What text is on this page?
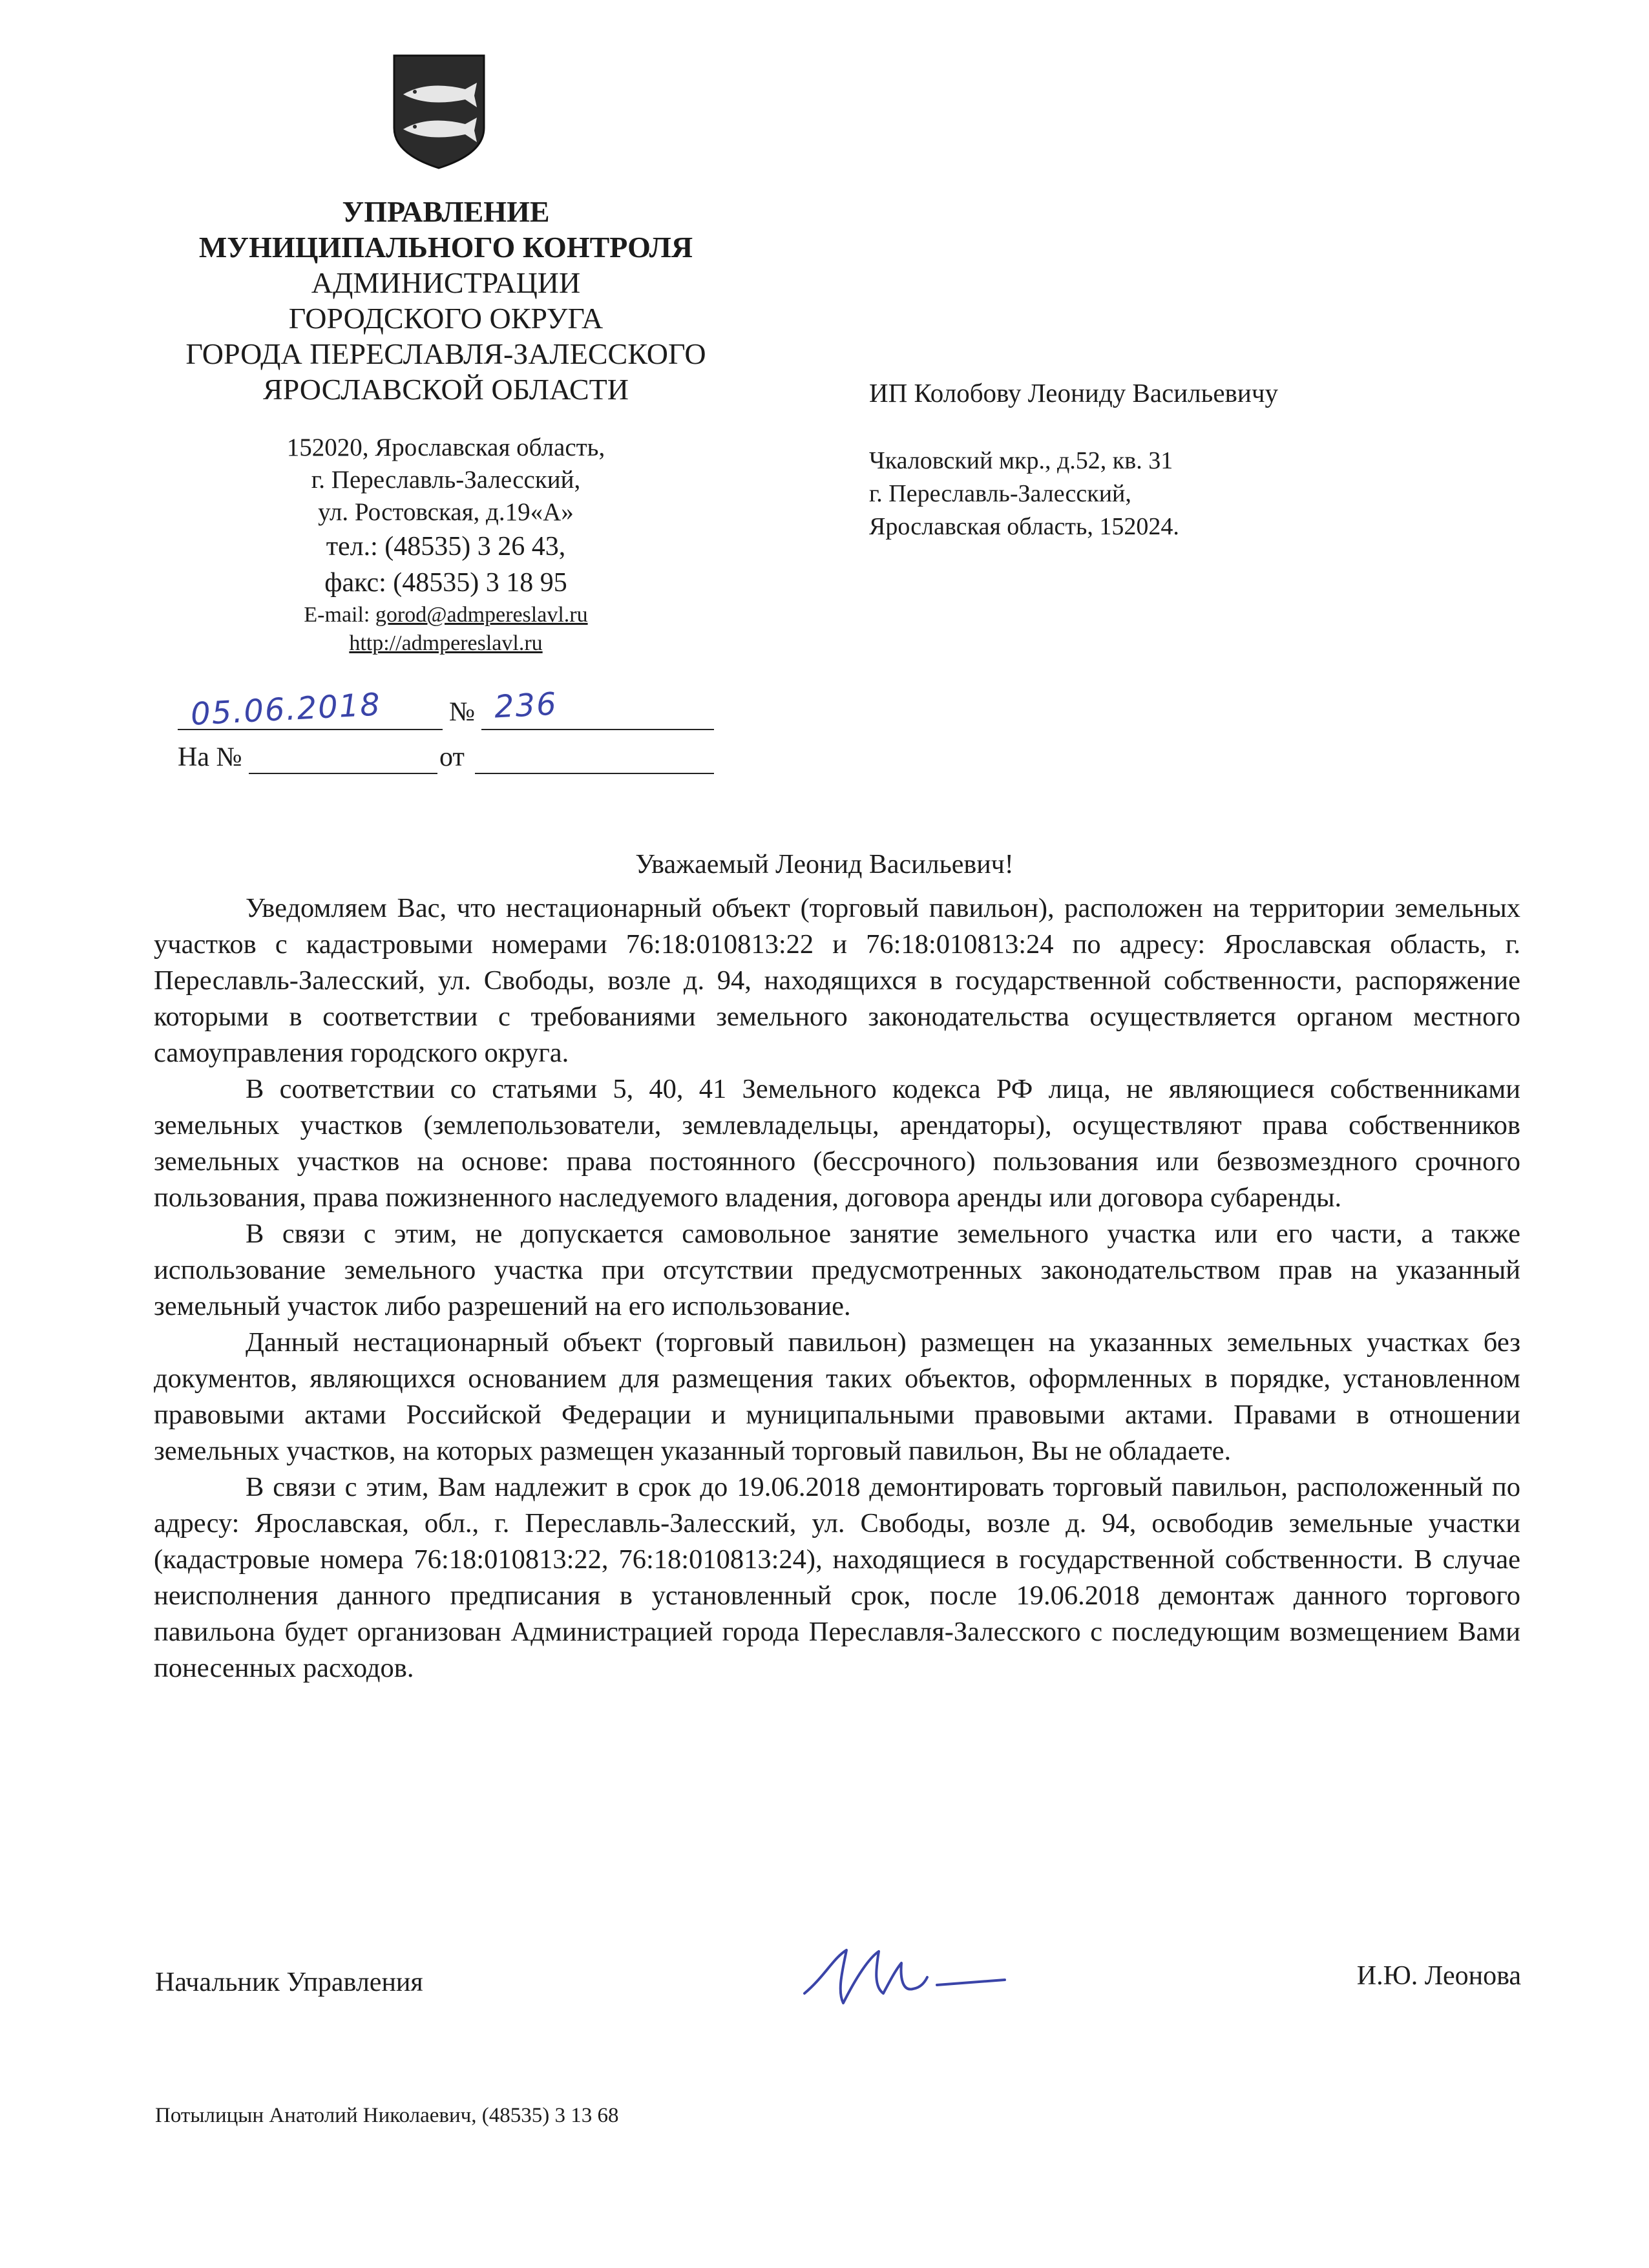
УПРАВЛЕНИЕ
МУНИЦИПАЛЬНОГО КОНТРОЛЯ
АДМИНИСТРАЦИИ
ГОРОДСКОГО ОКРУГА
ГОРОДА ПЕРЕСЛАВЛЯ-ЗАЛЕССКОГО
ЯРОСЛАВСКОЙ ОБЛАСТИ
152020, Ярославская область,
г. Переславль-Залесский,
ул. Ростовская, д.19«А»
тел.: (48535) 3 26 43,
факс: (48535) 3 18 95
E-mail: gorod@admpereslavl.ru
http://admpereslavl.ru
05.06.2018 № 236
На №	от
ИП Колобову Леониду Васильевичу
Чкаловский мкр., д.52, кв. 31
г. Переславль-Залесский,
Ярославская область, 152024.
Уважаемый Леонид Васильевич!

Уведомляем Вас, что нестационарный объект (торговый павильон), расположен на территории земельных участков с кадастровыми номерами 76:18:010813:22 и 76:18:010813:24 по адресу: Ярославская область, г. Переславль-Залесский, ул. Свободы, возле д. 94, находящихся в государственной собственности, распоряжение которыми в соответствии с требованиями земельного законодательства осуществляется органом местного самоуправления городского округа.

В соответствии со статьями 5, 40, 41 Земельного кодекса РФ лица, не являющиеся собственниками земельных участков (землепользователи, землевладельцы, арендаторы), осуществляют права собственников земельных участков на основе: права постоянного (бессрочного) пользования или безвозмездного срочного пользования, права пожизненного наследуемого владения, договора аренды или договора субаренды.

В связи с этим, не допускается самовольное занятие земельного участка или его части, а также использование земельного участка при отсутствии предусмотренных законодательством прав на указанный земельный участок либо разрешений на его использование.

Данный нестационарный объект (торговый павильон) размещен на указанных земельных участках без документов, являющихся основанием для размещения таких объектов, оформленных в порядке, установленном правовыми актами Российской Федерации и муниципальными правовыми актами. Правами в отношении земельных участков, на которых размещен указанный торговый павильон, Вы не обладаете.

В связи с этим, Вам надлежит в срок до 19.06.2018 демонтировать торговый павильон, расположенный по адресу: Ярославская, обл., г. Переславль-Залесский, ул. Свободы, возле д. 94, освободив земельные участки (кадастровые номера 76:18:010813:22, 76:18:010813:24), находящиеся в государственной собственности. В случае неисполнения данного предписания в установленный срок, после 19.06.2018 демонтаж данного торгового павильона будет организован Администрацией города Переславля-Залесского с последующим возмещением Вами понесенных расходов.

Начальник Управления	И.Ю. Леонова
Потылицын Анатолий Николаевич, (48535) 3 13 68
